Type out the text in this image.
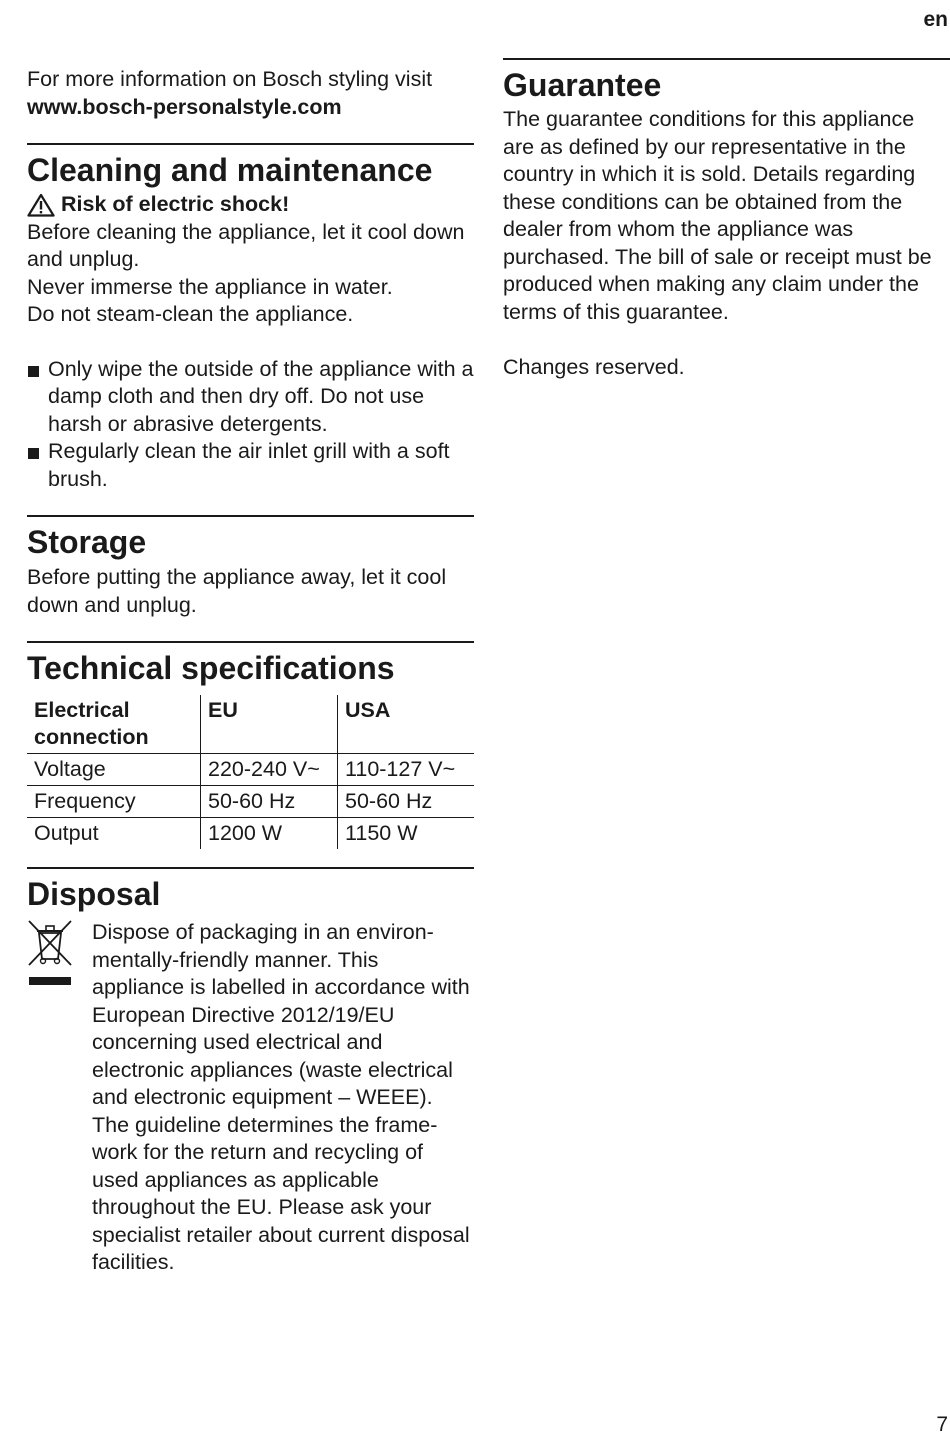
en

For more information on Bosch styling visit

www.bosch-personalstyle.com

Cleaning and maintenance
Risk of electric shock!

Before cleaning the appliance, let it cool down and unplug.

Never immerse the appliance in water.

Do not steam-clean the appliance.

Only wipe the outside of the appliance with a damp cloth and then dry off. Do not use harsh or abrasive detergents.
Regularly clean the air inlet grill with a soft brush.
Storage

Before putting the appliance away, let it cool down and unplug.

Technical specifications
Electrical connection	EU	USA
Voltage	220-240 V~	110-127 V~
Frequency	50-60 Hz	50-60 Hz
Output	1200 W	1150 W
Disposal

Dispose of packaging in an environ-mentally-friendly manner. This appliance is labelled in accordance with European Directive 2012/19/EU concerning used electrical and electronic appliances (waste electrical and electronic equipment – WEEE). The guideline determines the frame-work for the return and recycling of used appliances as applicable throughout the EU. Please ask your specialist retailer about current disposal facilities.

Guarantee

The guarantee conditions for this appliance are as defined by our representative in the country in which it is sold. Details regarding these conditions can be obtained from the dealer from whom the appliance was purchased. The bill of sale or receipt must be produced when making any claim under the terms of this guarantee.

Changes reserved.

7
